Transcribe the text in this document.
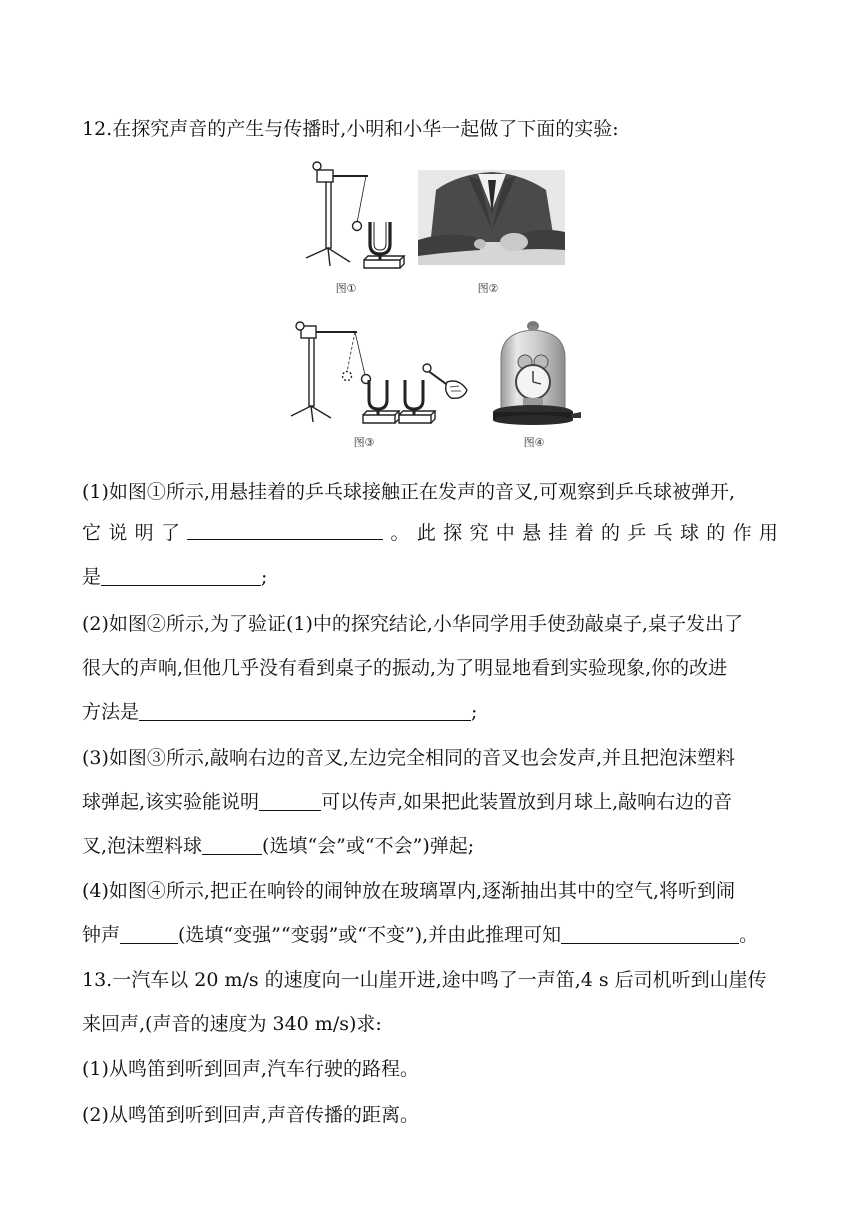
12.在探究声音的产生与传播时,小明和小华一起做了下面的实验:
图①	图②
图③	图④
(1)如图①所示,用悬挂着的乒乓球接触正在发声的音叉,可观察到乒乓球被弹开,
它 说 明 了	。 此 探 究 中 悬 挂 着 的 乒 乓 球 的 作 用
是	;
(2)如图②所示,为了验证(1)中的探究结论,小华同学用手使劲敲桌子,桌子发出了
很大的声响,但他几乎没有看到桌子的振动,为了明显地看到实验现象,你的改进
方法是	;
(3)如图③所示,敲响右边的音叉,左边完全相同的音叉也会发声,并且把泡沫塑料
球弹起,该实验能说明	可以传声,如果把此装置放到月球上,敲响右边的音
叉,泡沫塑料球	(选填“会”或“不会”)弹起;
(4)如图④所示,把正在响铃的闹钟放在玻璃罩内,逐渐抽出其中的空气,将听到闹
钟声	(选填“变强”“变弱”或“不变”),并由此推理可知	。
13.一汽车以 20 m/s 的速度向一山崖开进,途中鸣了一声笛,4 s 后司机听到山崖传
来回声,(声音的速度为 340 m/s)求:
(1)从鸣笛到听到回声,汽车行驶的路程。
(2)从鸣笛到听到回声,声音传播的距离。
